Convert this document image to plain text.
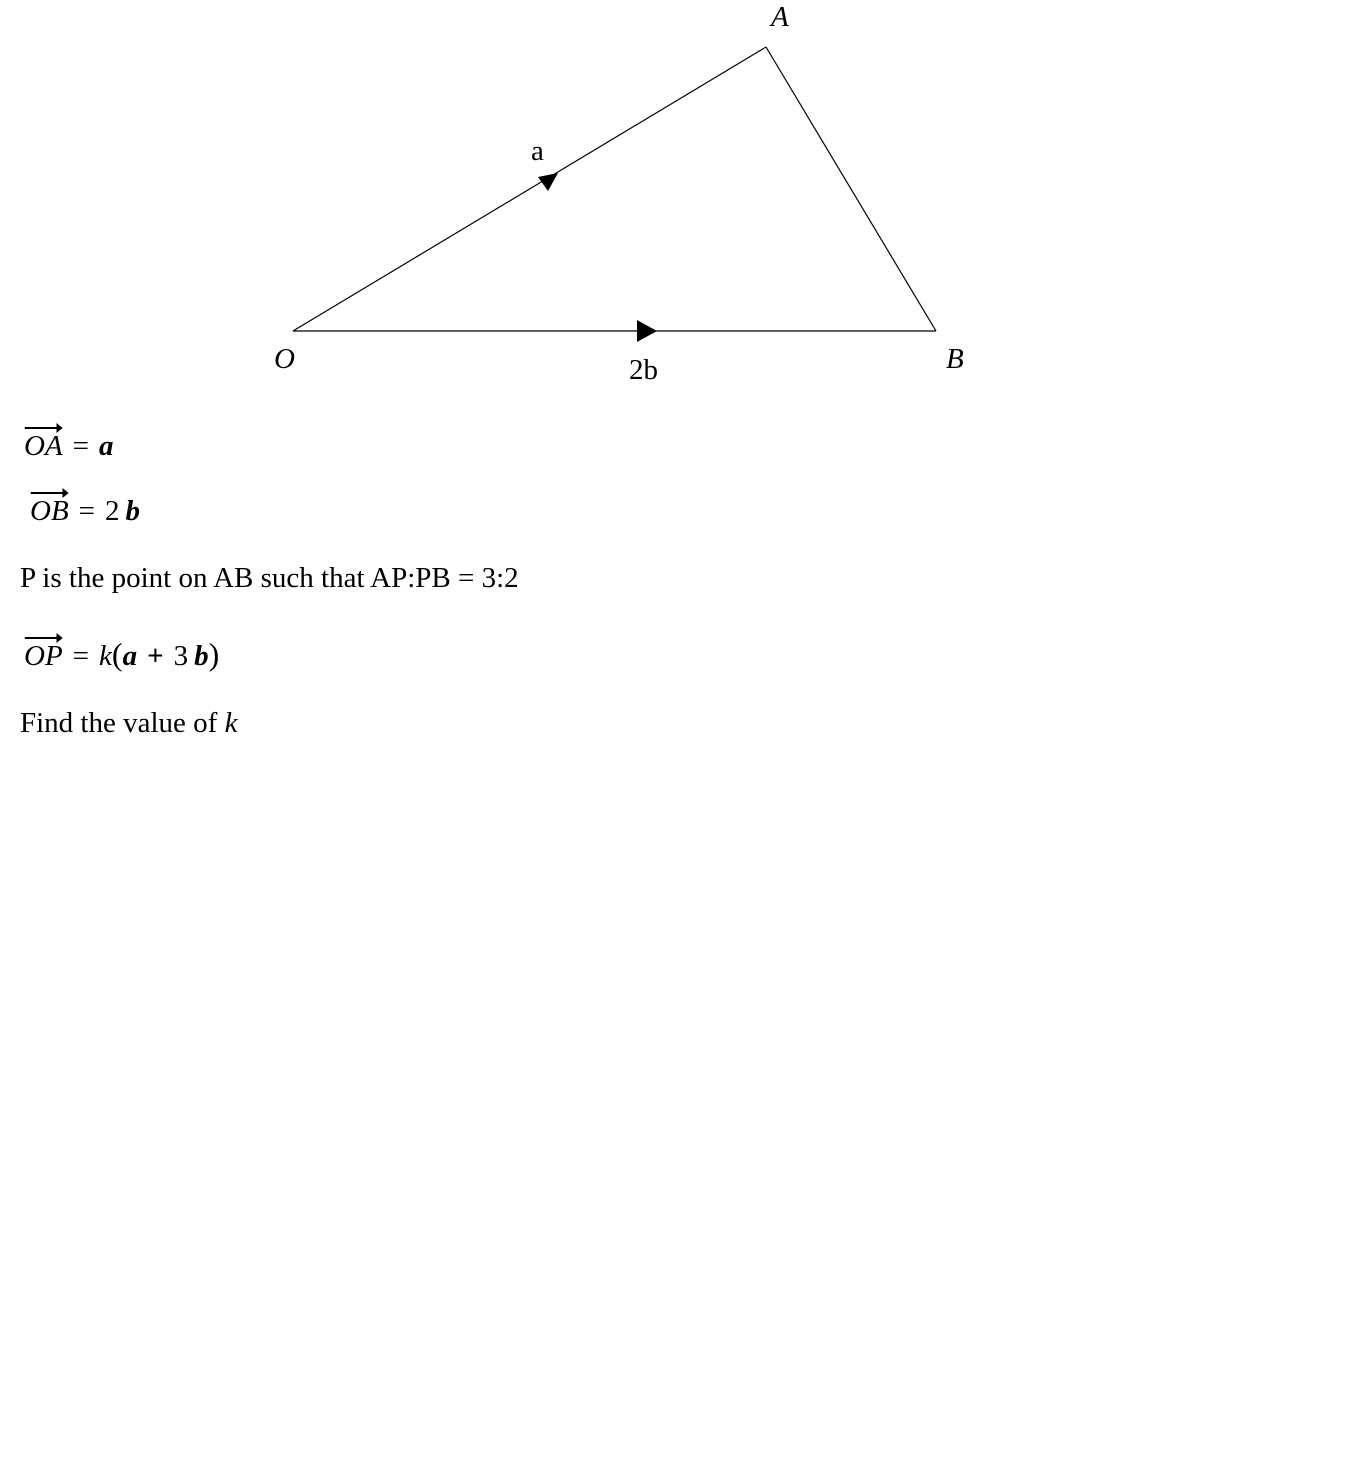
A
O	B
a
2b
OA = a
OB = 2 b
P is the point on AB such that AP:PB = 3:2
OP = k(a + 3 b)
Find the value of k
